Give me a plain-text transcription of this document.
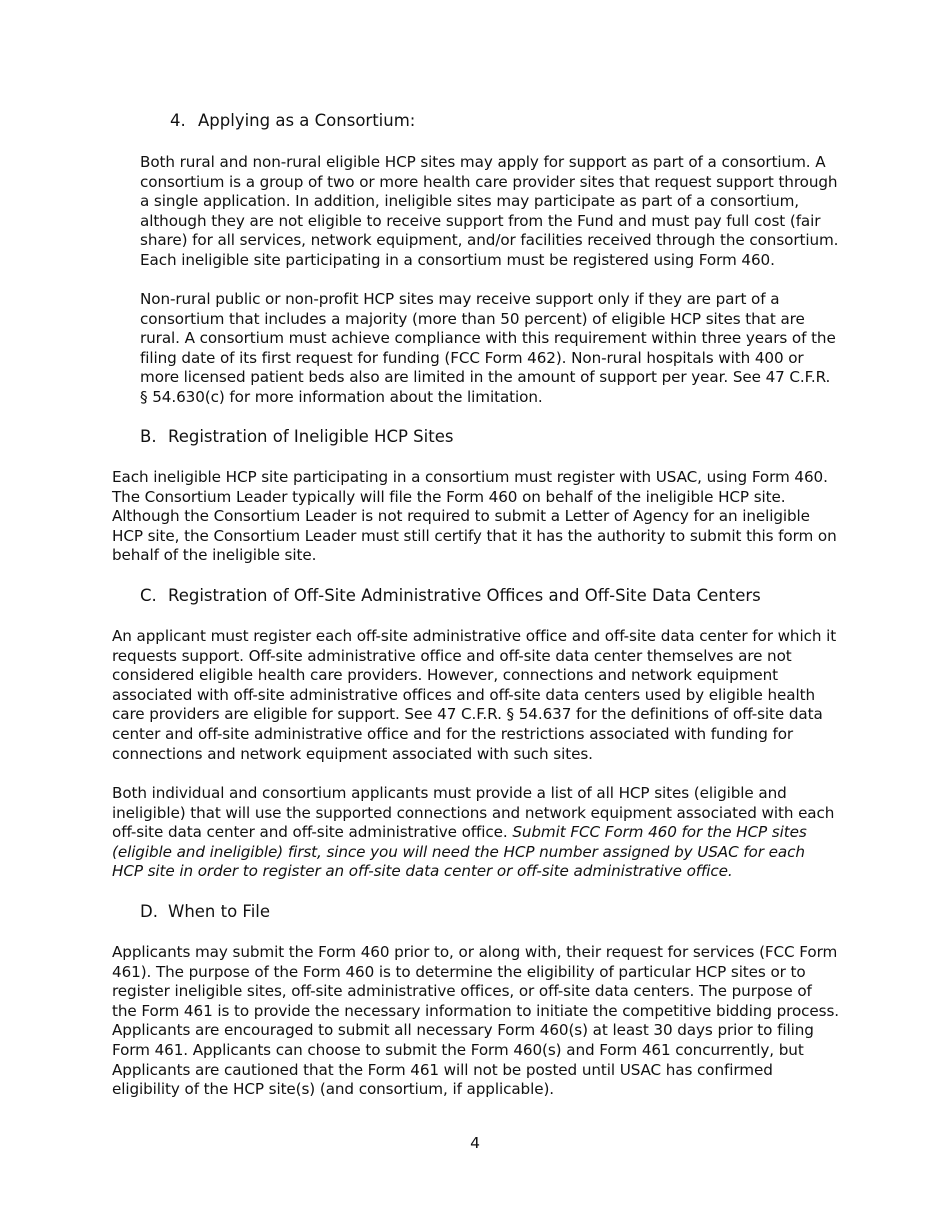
4. Applying as a Consortium:

Both rural and non-rural eligible HCP sites may apply for support as part of a consortium. A consortium is a group of two or more health care provider sites that request support through a single application. In addition, ineligible sites may participate as part of a consortium, although they are not eligible to receive support from the Fund and must pay full cost (fair share) for all services, network equipment, and/or facilities received through the consortium. Each ineligible site participating in a consortium must be registered using Form 460.

Non-rural public or non-profit HCP sites may receive support only if they are part of a consortium that includes a majority (more than 50 percent) of eligible HCP sites that are rural. A consortium must achieve compliance with this requirement within three years of the filing date of its first request for funding (FCC Form 462). Non-rural hospitals with 400 or more licensed patient beds also are limited in the amount of support per year. See 47 C.F.R. § 54.630(c) for more information about the limitation.

B. Registration of Ineligible HCP Sites

Each ineligible HCP site participating in a consortium must register with USAC, using Form 460. The Consortium Leader typically will file the Form 460 on behalf of the ineligible HCP site. Although the Consortium Leader is not required to submit a Letter of Agency for an ineligible HCP site, the Consortium Leader must still certify that it has the authority to submit this form on behalf of the ineligible site.

C. Registration of Off-Site Administrative Offices and Off-Site Data Centers

An applicant must register each off-site administrative office and off-site data center for which it requests support. Off-site administrative office and off-site data center themselves are not considered eligible health care providers. However, connections and network equipment associated with off-site administrative offices and off-site data centers used by eligible health care providers are eligible for support. See 47 C.F.R. § 54.637 for the definitions of off-site data center and off-site administrative office and for the restrictions associated with funding for connections and network equipment associated with such sites.

Both individual and consortium applicants must provide a list of all HCP sites (eligible and ineligible) that will use the supported connections and network equipment associated with each off-site data center and off-site administrative office. Submit FCC Form 460 for the HCP sites (eligible and ineligible) first, since you will need the HCP number assigned by USAC for each HCP site in order to register an off-site data center or off-site administrative office.

D. When to File

Applicants may submit the Form 460 prior to, or along with, their request for services (FCC Form 461). The purpose of the Form 460 is to determine the eligibility of particular HCP sites or to register ineligible sites, off-site administrative offices, or off-site data centers. The purpose of the Form 461 is to provide the necessary information to initiate the competitive bidding process. Applicants are encouraged to submit all necessary Form 460(s) at least 30 days prior to filing Form 461. Applicants can choose to submit the Form 460(s) and Form 461 concurrently, but Applicants are cautioned that the Form 461 will not be posted until USAC has confirmed eligibility of the HCP site(s) (and consortium, if applicable).

4
